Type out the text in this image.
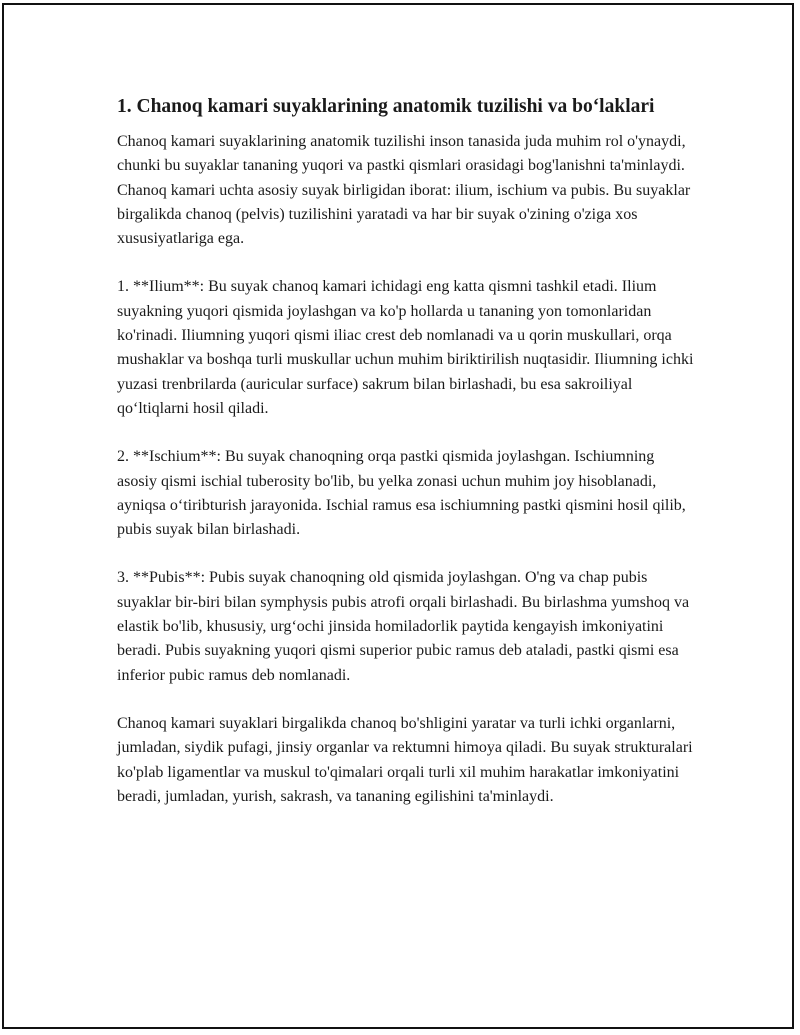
1. Chanoq kamari suyaklarining anatomik tuzilishi va bo‘laklari

Chanoq kamari suyaklarining anatomik tuzilishi inson tanasida juda muhim rol o'ynaydi, chunki bu suyaklar tananing yuqori va pastki qismlari orasidagi bog'lanishni ta'minlaydi. Chanoq kamari uchta asosiy suyak birligidan iborat: ilium, ischium va pubis. Bu suyaklar birgalikda chanoq (pelvis) tuzilishini yaratadi va har bir suyak o'zining o'ziga xos xususiyatlariga ega.

1. **Ilium**: Bu suyak chanoq kamari ichidagi eng katta qismni tashkil etadi. Ilium suyakning yuqori qismida joylashgan va ko'p hollarda u tananing yon tomonlaridan ko'rinadi. Iliumning yuqori qismi iliac crest deb nomlanadi va u qorin muskullari, orqa mushaklar va boshqa turli muskullar uchun muhim biriktirilish nuqtasidir. Iliumning ichki yuzasi trenbrilarda (auricular surface) sakrum bilan birlashadi, bu esa sakroiliyal qo‘ltiqlarni hosil qiladi.

2. **Ischium**: Bu suyak chanoqning orqa pastki qismida joylashgan. Ischiumning asosiy qismi ischial tuberosity bo'lib, bu yelka zonasi uchun muhim joy hisoblanadi, ayniqsa o‘tiribturish jarayonida. Ischial ramus esa ischiumning pastki qismini hosil qilib, pubis suyak bilan birlashadi.

3. **Pubis**: Pubis suyak chanoqning old qismida joylashgan. O'ng va chap pubis suyaklar bir-biri bilan symphysis pubis atrofi orqali birlashadi. Bu birlashma yumshoq va elastik bo'lib, khususiy, urg‘ochi jinsida homiladorlik paytida kengayish imkoniyatini beradi. Pubis suyakning yuqori qismi superior pubic ramus deb ataladi, pastki qismi esa inferior pubic ramus deb nomlanadi.

Chanoq kamari suyaklari birgalikda chanoq bo'shligini yaratar va turli ichki organlarni, jumladan, siydik pufagi, jinsiy organlar va rektumni himoya qiladi. Bu suyak strukturalari ko'plab ligamentlar va muskul to'qimalari orqali turli xil muhim harakatlar imkoniyatini beradi, jumladan, yurish, sakrash, va tananing egilishini ta'minlaydi.
